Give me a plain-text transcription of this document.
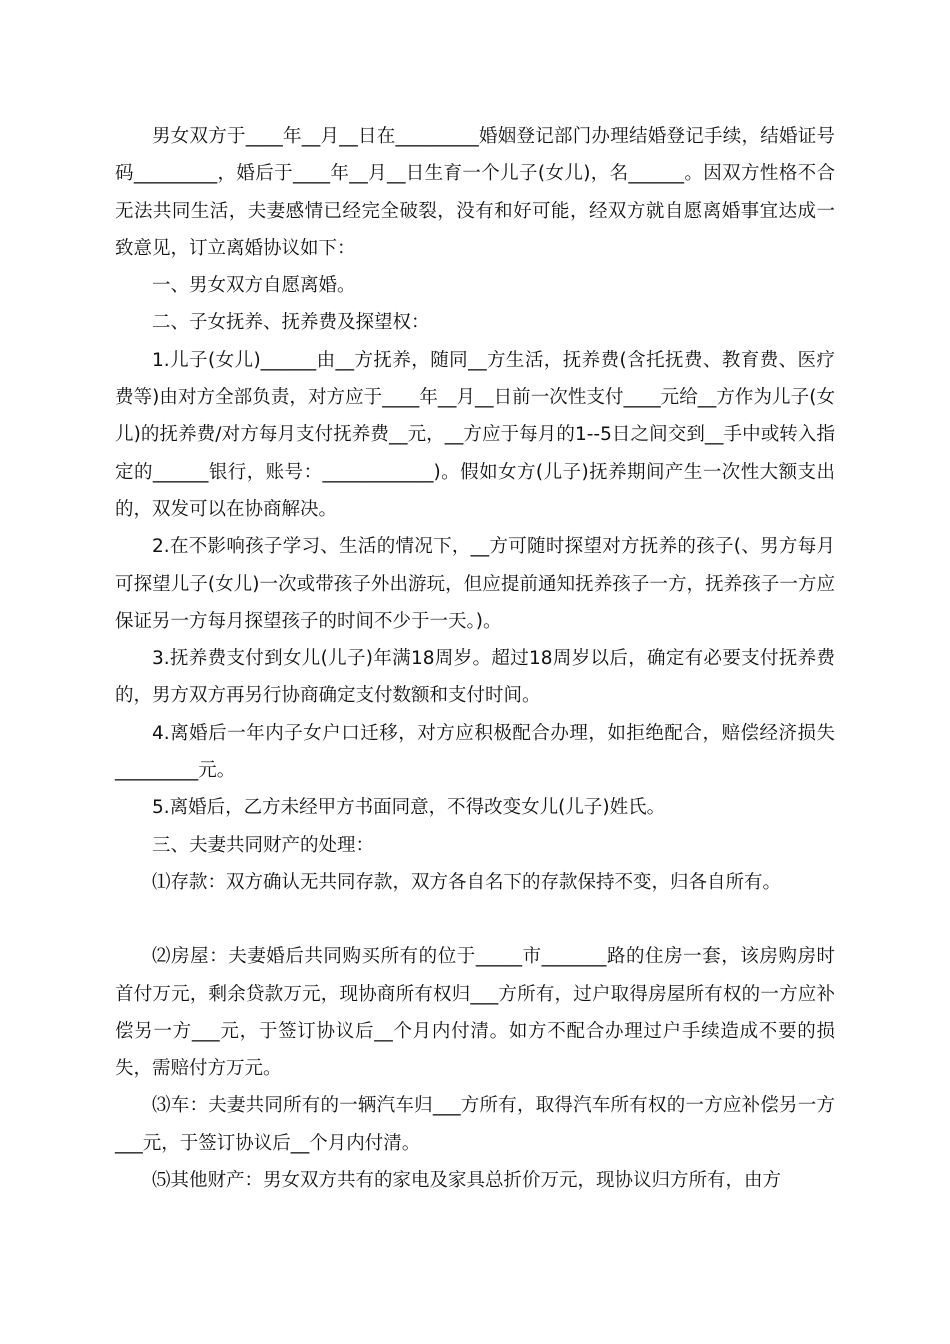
男女双方于____年__月__日在_________婚姻登记部门办理结婚登记手续，结婚证号码_________，婚后于____年__月__日生育一个儿子(女儿)，名______。因双方性格不合无法共同生活，夫妻感情已经完全破裂，没有和好可能，经双方就自愿离婚事宜达成一致意见，订立离婚协议如下：

一、男女双方自愿离婚。

二、子女抚养、抚养费及探望权：

1.儿子(女儿)______由__方抚养，随同__方生活，抚养费(含托抚费、教育费、医疗费等)由对方全部负责，对方应于____年__月__日前一次性支付____元给__方作为儿子(女儿)的抚养费/对方每月支付抚养费__元，__方应于每月的1--5日之间交到__手中或转入指定的______银行，账号：____________)。假如女方(儿子)抚养期间产生一次性大额支出的，双发可以在协商解决。

2.在不影响孩子学习、生活的情况下，__方可随时探望对方抚养的孩子(、男方每月可探望儿子(女儿)一次或带孩子外出游玩，但应提前通知抚养孩子一方，抚养孩子一方应保证另一方每月探望孩子的时间不少于一天。)。

3.抚养费支付到女儿(儿子)年满18周岁。超过18周岁以后，确定有必要支付抚养费的，男方双方再另行协商确定支付数额和支付时间。

4.离婚后一年内子女户口迁移，对方应积极配合办理，如拒绝配合，赔偿经济损失_________元。

5.离婚后，乙方未经甲方书面同意，不得改变女儿(儿子)姓氏。

三、夫妻共同财产的处理：

⑴存款：双方确认无共同存款，双方各自名下的存款保持不变，归各自所有。

⑵房屋：夫妻婚后共同购买所有的位于_____市_______路的住房一套，该房购房时首付万元，剩余贷款万元，现协商所有权归___方所有，过户取得房屋所有权的一方应补偿另一方___元，于签订协议后__个月内付清。如方不配合办理过户手续造成不要的损失，需赔付方万元。

⑶车：夫妻共同所有的一辆汽车归___方所有，取得汽车所有权的一方应补偿另一方___元，于签订协议后__个月内付清。

⑸其他财产：男女双方共有的家电及家具总折价万元，现协议归方所有，由方
